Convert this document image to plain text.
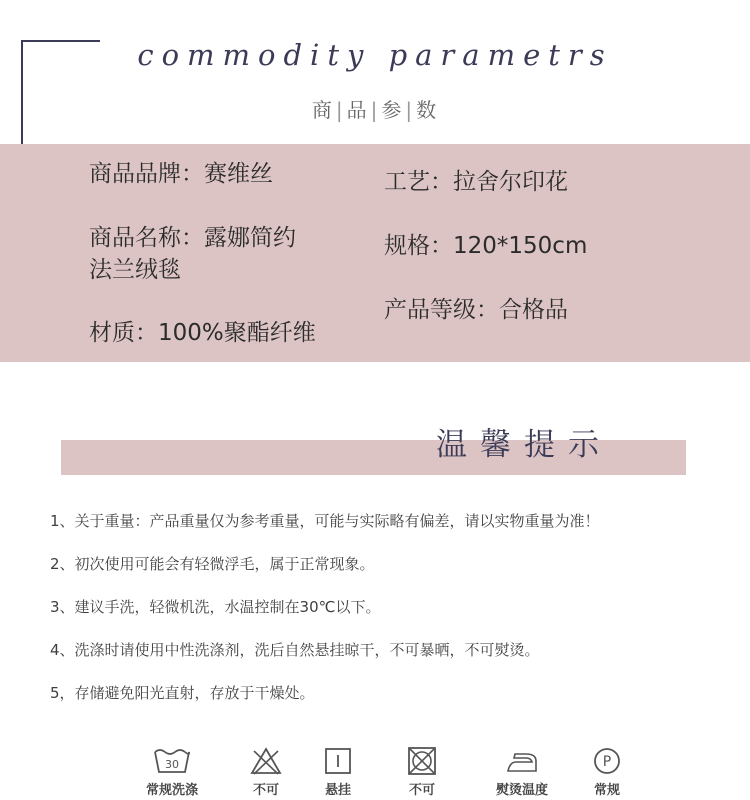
commodity parametrs
商 | 品 | 参 | 数
商品品牌：赛维丝
商品名称：露娜简约
法兰绒毯
材质：100%聚酯纤维
工艺：拉舍尔印花
规格：120*150cm
产品等级：合格品
温馨提示
1、关于重量：产品重量仅为参考重量，可能与实际略有偏差，请以实物重量为准！
2、初次使用可能会有轻微浮毛，属于正常现象。
3、建议手洗，轻微机洗，水温控制在30℃以下。
4、洗涤时请使用中性洗涤剂，洗后自然悬挂晾干，不可暴晒，不可熨烫。
5，存储避免阳光直射，存放于干燥处。
30
常规洗涤	不可	悬挂	不可	熨烫温度
P
常规
